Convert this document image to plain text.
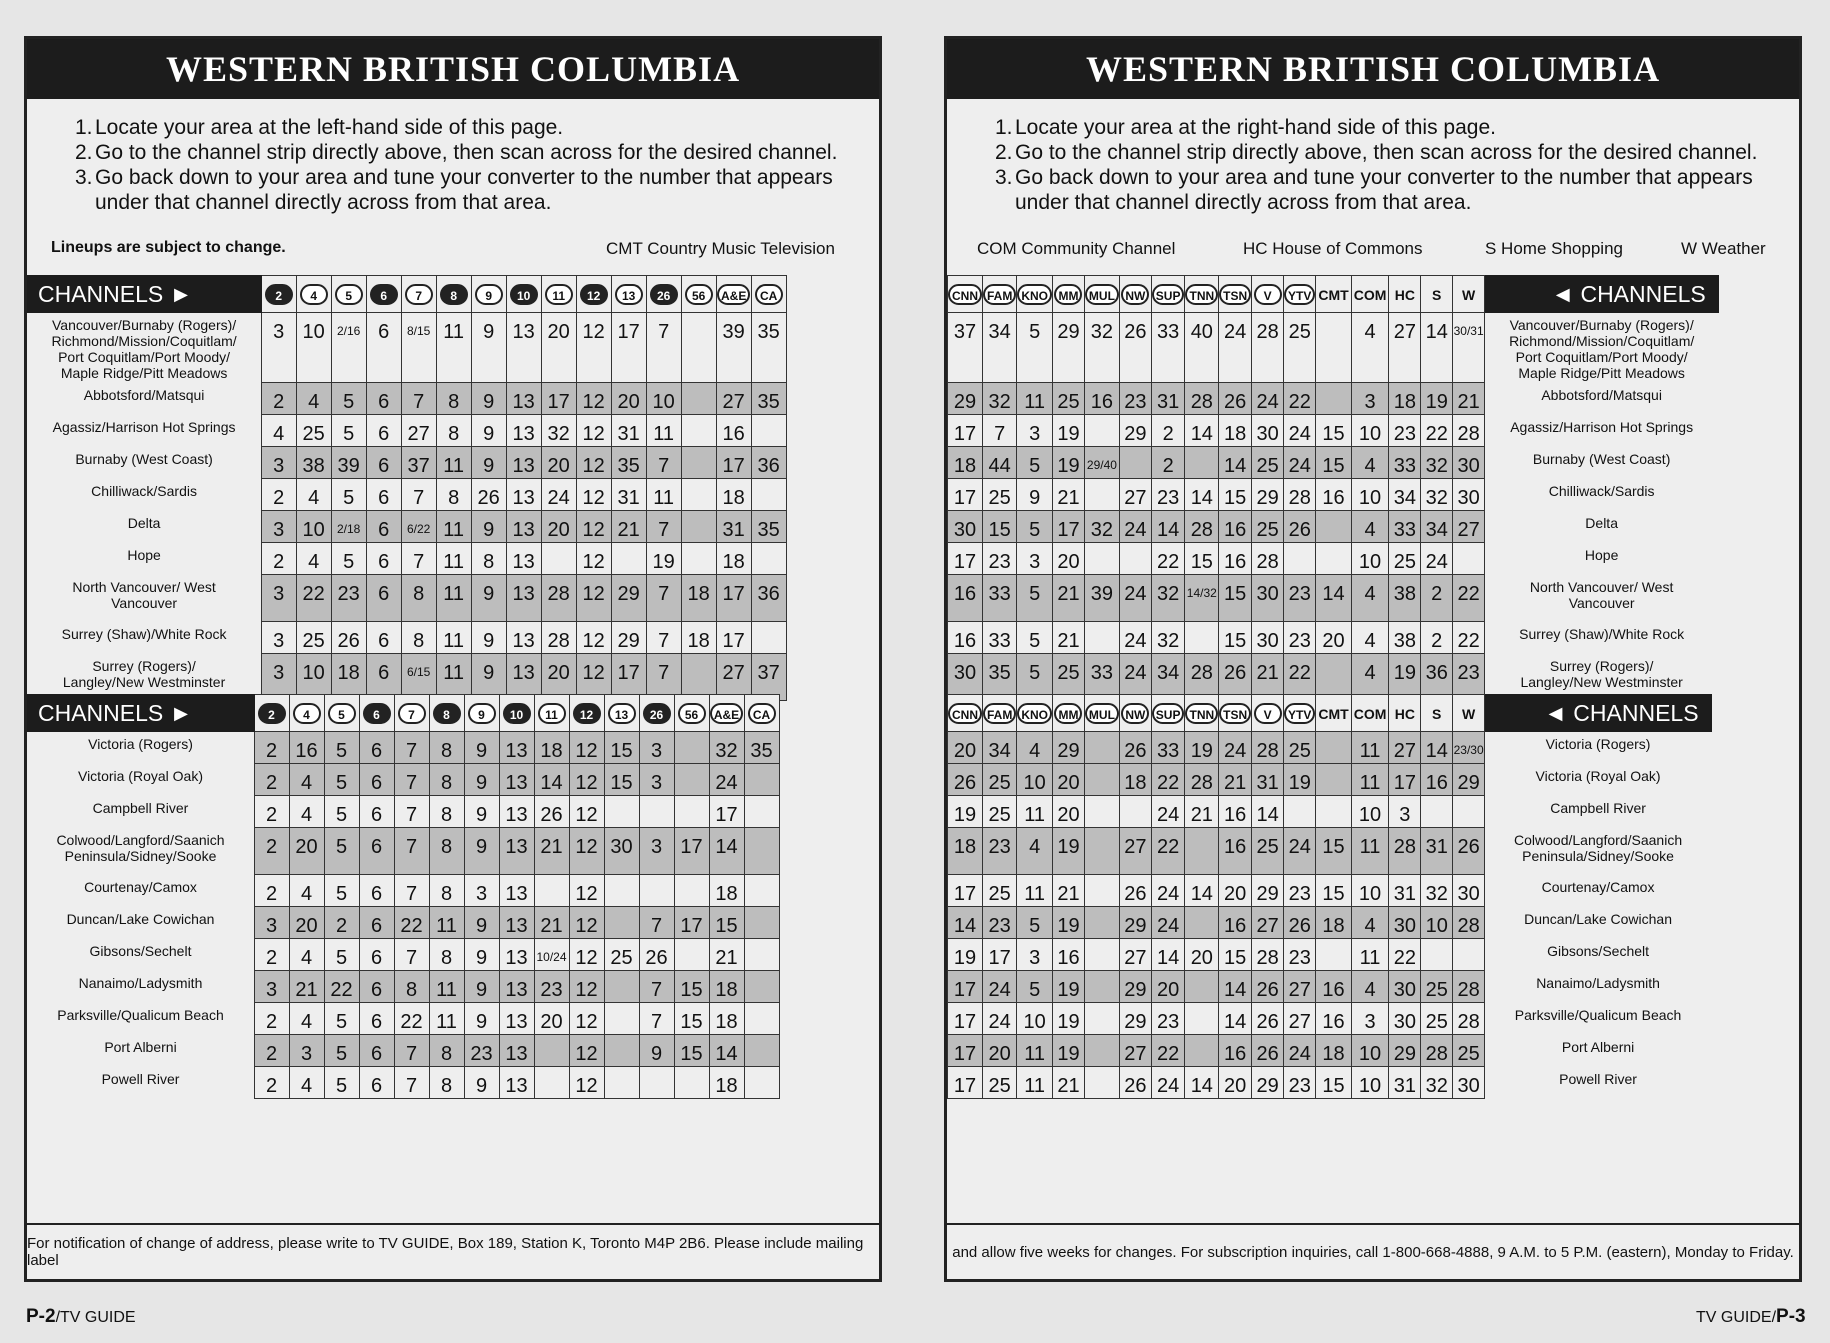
WESTERN BRITISH COLUMBIA
1. Locate your area at the left-hand side of this page.
2. Go to the channel strip directly above, then scan across for the desired channel.
3. Go back down to your area and tune your converter to the number that appears under that channel directly across from that area.
Lineups are subject to change.	CMT Country Music Television
CHANNELS ►			2	4	5	6	7	8	9	10	11	12	13	26	56	A&E	CA
	Vancouver/Burnaby (Rogers)/ Richmond/Mission/Coquitlam/ Port Coquitlam/Port Moody/ Maple Ridge/Pitt Meadows		3	10	2/16	6	8/15	11	9	13	20	12	17	7		39	35
	Abbotsford/Matsqui		2	4	5	6	7	8	9	13	17	12	20	10		27	35
	Agassiz/Harrison Hot Springs		4	25	5	6	27	8	9	13	32	12	31	11		16	
	Burnaby (West Coast)		3	38	39	6	37	11	9	13	20	12	35	7		17	36
	Chilliwack/Sardis		2	4	5	6	7	8	26	13	24	12	31	11		18	
	Delta		3	10	2/18	6	6/22	11	9	13	20	12	21	7		31	35
	Hope		2	4	5	6	7	11	8	13		12		19		18	
	North Vancouver/ West Vancouver		3	22	23	6	8	11	9	13	28	12	29	7	18	17	36
	Surrey (Shaw)/White Rock		3	25	26	6	8	11	9	13	28	12	29	7	18	17	
	Surrey (Rogers)/ Langley/New Westminster		3	10	18	6	6/15	11	9	13	20	12	17	7		27	37
CHANNELS ►			2	4	5	6	7	8	9	10	11	12	13	26	56	A&E	CA
	Victoria (Rogers)		2	16	5	6	7	8	9	13	18	12	15	3		32	35
	Victoria (Royal Oak)		2	4	5	6	7	8	9	13	14	12	15	3		24	
	Campbell River		2	4	5	6	7	8	9	13	26	12				17	
	Colwood/Langford/Saanich Peninsula/Sidney/Sooke		2	20	5	6	7	8	9	13	21	12	30	3	17	14	
	Courtenay/Camox		2	4	5	6	7	8	3	13		12				18	
	Duncan/Lake Cowichan		3	20	2	6	22	11	9	13	21	12		7	17	15	
	Gibsons/Sechelt		2	4	5	6	7	8	9	13	10/24	12	25	26		21	
	Nanaimo/Ladysmith		3	21	22	6	8	11	9	13	23	12		7	15	18	
	Parksville/Qualicum Beach		2	4	5	6	22	11	9	13	20	12		7	15	18	
	Port Alberni		2	3	5	6	7	8	23	13		12		9	15	14	
	Powell River		2	4	5	6	7	8	9	13		12				18	
For notification of change of address, please write to TV GUIDE, Box 189, Station K, Toronto M4P 2B6. Please include mailing label
WESTERN BRITISH COLUMBIA
1. Locate your area at the right-hand side of this page.
2. Go to the channel strip directly above, then scan across for the desired channel.
3. Go back down to your area and tune your converter to the number that appears under that channel directly across from that area.
COM Community Channel	HC House of Commons	S Home Shopping	W Weather
CNN	FAM	KNO	MM	MUL	NW	SUP	TNN	TSN	V	YTV	CMT	COM	HC	S	W	◄ CHANNELS		
37	34	5	29	32	26	33	40	24	28	25		4	27	14	30/31		Vancouver/Burnaby (Rogers)/ Richmond/Mission/Coquitlam/ Port Coquitlam/Port Moody/ Maple Ridge/Pitt Meadows	
29	32	11	25	16	23	31	28	26	24	22		3	18	19	21		Abbotsford/Matsqui	
17	7	3	19		29	2	14	18	30	24	15	10	23	22	28		Agassiz/Harrison Hot Springs	
18	44	5	19	29/40		2		14	25	24	15	4	33	32	30		Burnaby (West Coast)	
17	25	9	21		27	23	14	15	29	28	16	10	34	32	30		Chilliwack/Sardis	
30	15	5	17	32	24	14	28	16	25	26		4	33	34	27		Delta	
17	23	3	20			22	15	16	28			10	25	24			Hope	
16	33	5	21	39	24	32	14/32	15	30	23	14	4	38	2	22		North Vancouver/ West Vancouver	
16	33	5	21		24	32		15	30	23	20	4	38	2	22		Surrey (Shaw)/White Rock	
30	35	5	25	33	24	34	28	26	21	22		4	19	36	23		Surrey (Rogers)/ Langley/New Westminster	
CNN	FAM	KNO	MM	MUL	NW	SUP	TNN	TSN	V	YTV	CMT	COM	HC	S	W	◄ CHANNELS		
20	34	4	29		26	33	19	24	28	25		11	27	14	23/30		Victoria (Rogers)	
26	25	10	20		18	22	28	21	31	19		11	17	16	29		Victoria (Royal Oak)	
19	25	11	20			24	21	16	14			10	3				Campbell River	
18	23	4	19		27	22		16	25	24	15	11	28	31	26		Colwood/Langford/Saanich Peninsula/Sidney/Sooke	
17	25	11	21		26	24	14	20	29	23	15	10	31	32	30		Courtenay/Camox	
14	23	5	19		29	24		16	27	26	18	4	30	10	28		Duncan/Lake Cowichan	
19	17	3	16		27	14	20	15	28	23		11	22				Gibsons/Sechelt	
17	24	5	19		29	20		14	26	27	16	4	30	25	28		Nanaimo/Ladysmith	
17	24	10	19		29	23		14	26	27	16	3	30	25	28		Parksville/Qualicum Beach	
17	20	11	19		27	22		16	26	24	18	10	29	28	25		Port Alberni	
17	25	11	21		26	24	14	20	29	23	15	10	31	32	30		Powell River	
and allow five weeks for changes. For subscription inquiries, call 1-800-668-4888, 9 A.M. to 5 P.M. (eastern), Monday to Friday.
P-2/TV GUIDE	TV GUIDE/P-3
